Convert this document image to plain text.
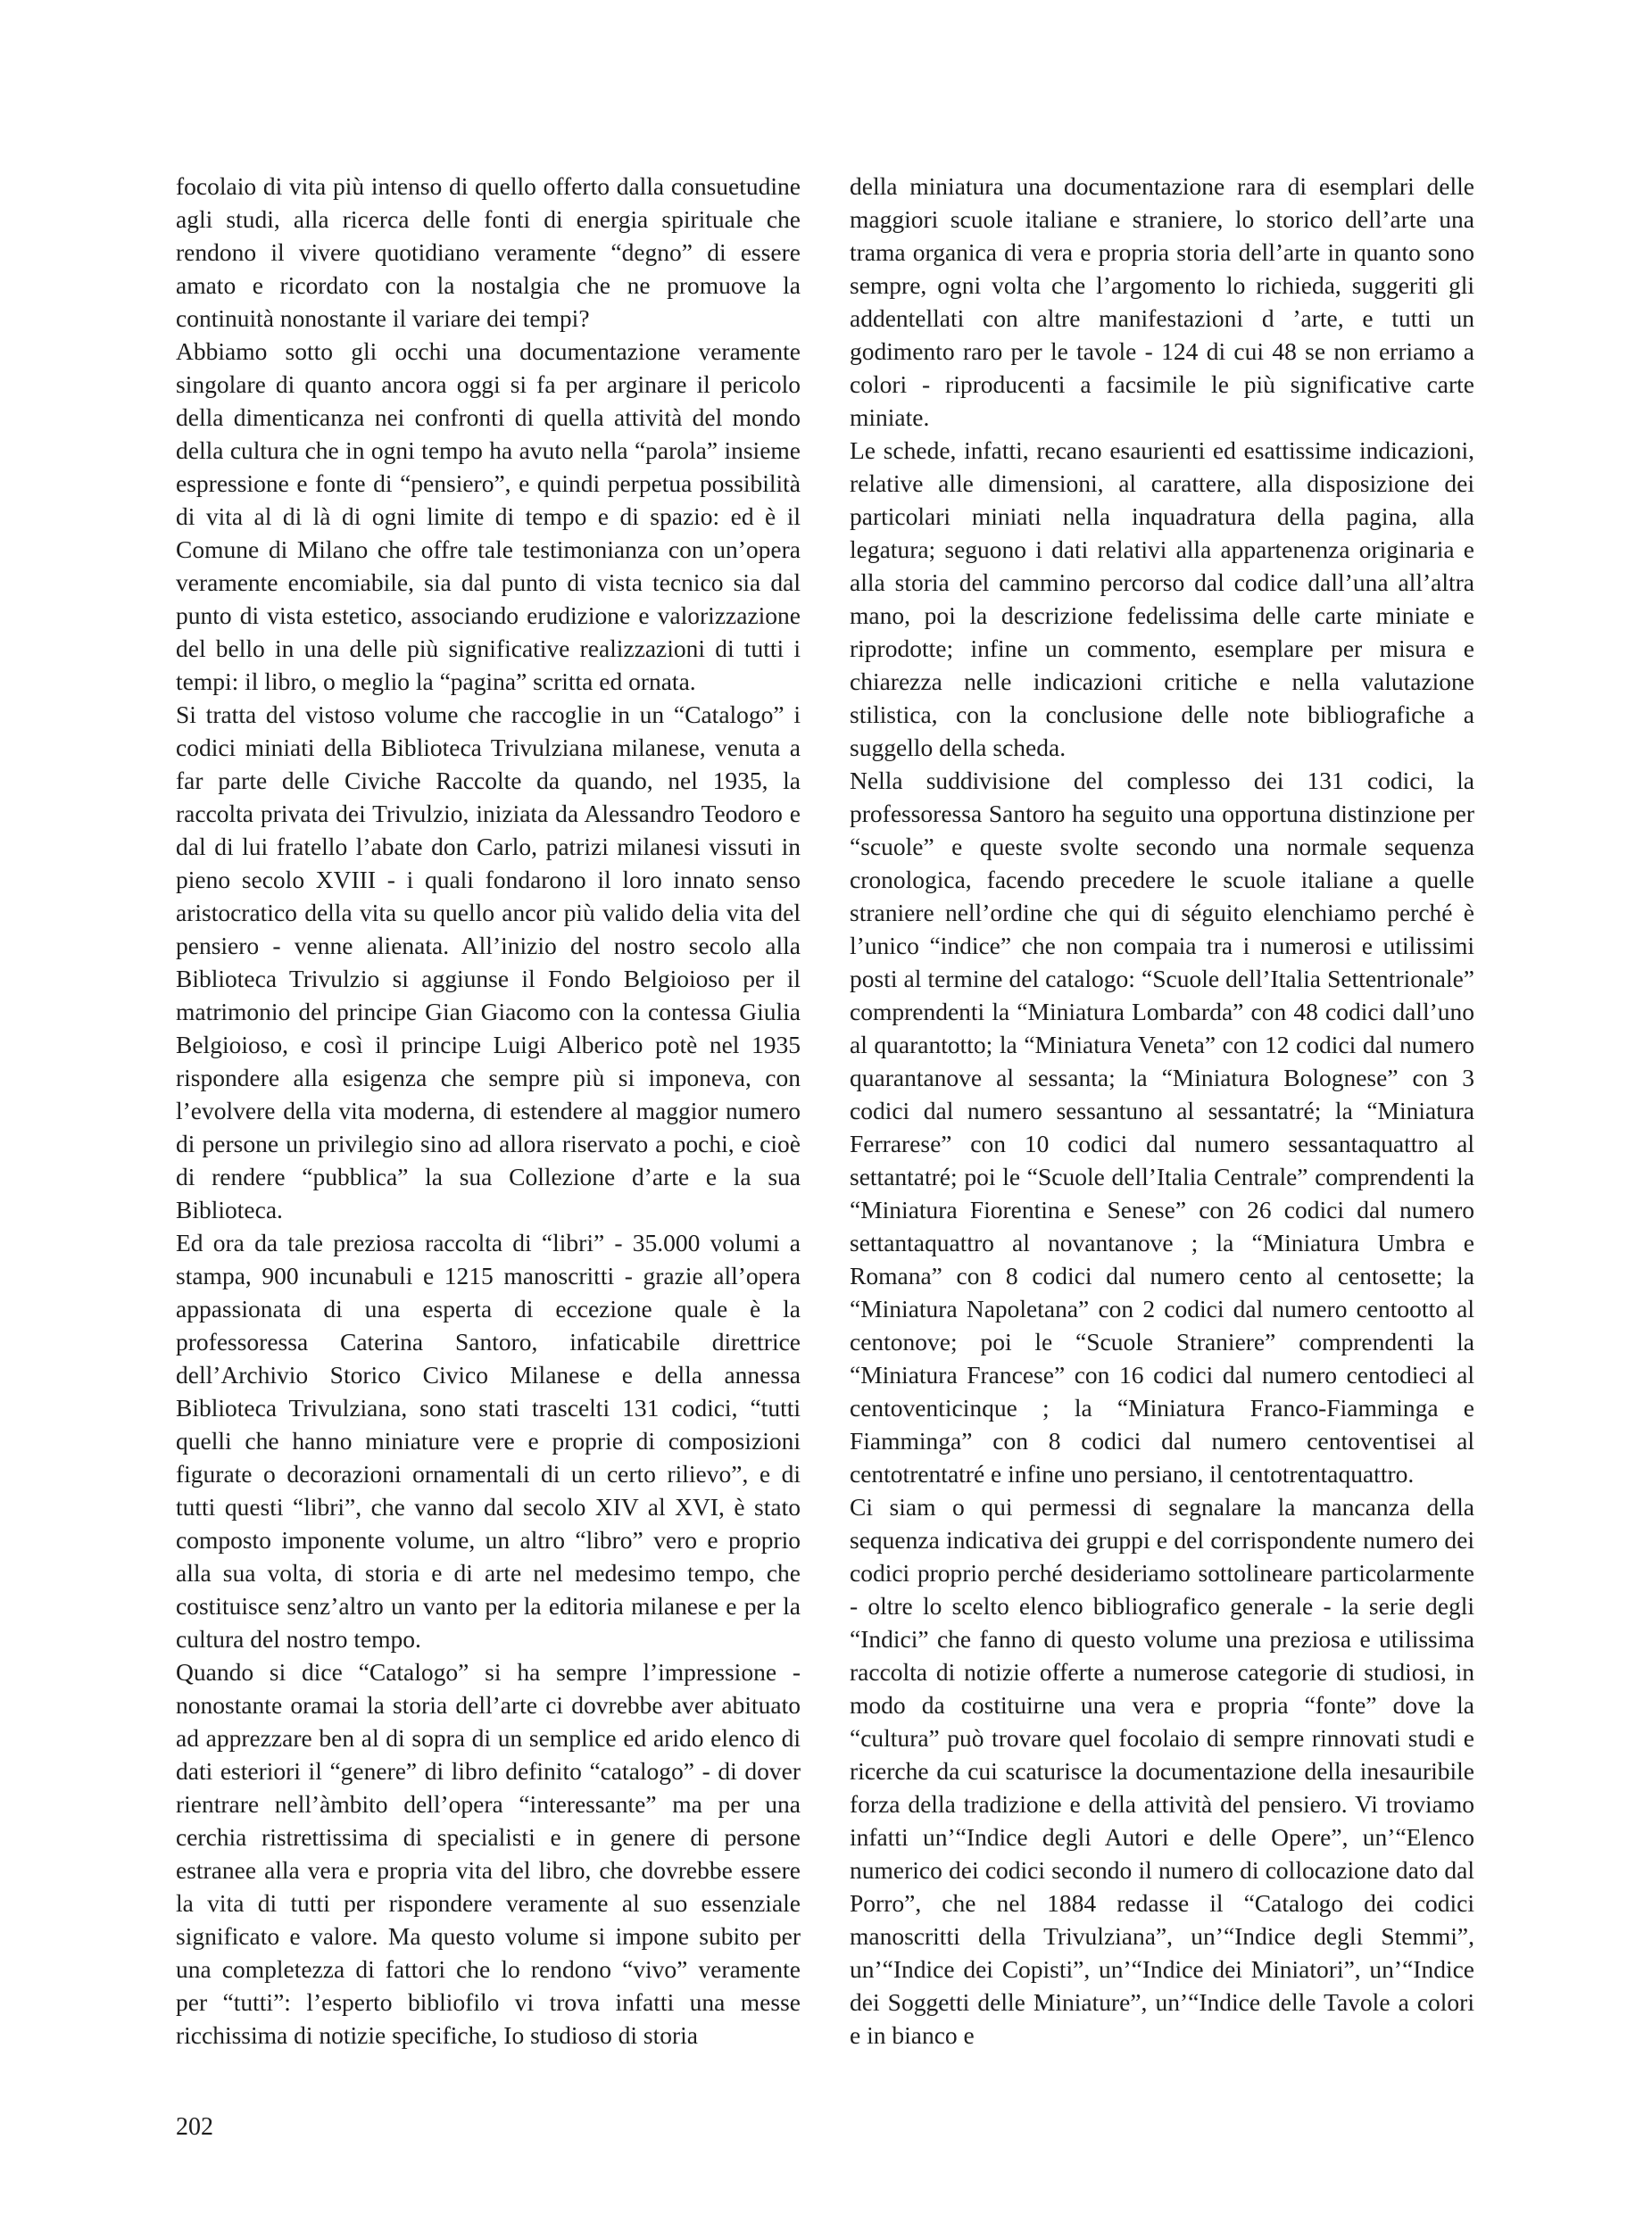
focolaio di vita più intenso di quello offerto dalla consuetudine agli studi, alla ricerca delle fonti di energia spirituale che rendono il vivere quotidiano veramente “degno” di essere amato e ricordato con la nostalgia che ne promuove la continuità nonostante il variare dei tempi?

Abbiamo sotto gli occhi una documentazione veramente singolare di quanto ancora oggi si fa per arginare il pericolo della dimenticanza nei confronti di quella attività del mondo della cultura che in ogni tempo ha avuto nella “parola” insieme espressione e fonte di “pensiero”, e quindi perpetua possibilità di vita al di là di ogni limite di tempo e di spazio: ed è il Comune di Milano che offre tale testimonianza con un’opera veramente encomiabile, sia dal punto di vista tecnico sia dal punto di vista estetico, associando erudizione e valorizzazione del bello in una delle più significative realizzazioni di tutti i tempi: il libro, o meglio la “pagina” scritta ed ornata.

Si tratta del vistoso volume che raccoglie in un “Catalogo” i codici miniati della Biblioteca Trivulziana milanese, venuta a far parte delle Civiche Raccolte da quando, nel 1935, la raccolta privata dei Trivulzio, iniziata da Alessandro Teodoro e dal di lui fratello l’abate don Carlo, patrizi milanesi vissuti in pieno secolo XVIII - i quali fondarono il loro innato senso aristocratico della vita su quello ancor più valido delia vita del pensiero - venne alienata. All’inizio del nostro secolo alla Biblioteca Trivulzio si aggiunse il Fondo Belgioioso per il matrimonio del principe Gian Giacomo con la contessa Giulia Belgioioso, e così il principe Luigi Alberico potè nel 1935 rispondere alla esigenza che sempre più si imponeva, con l’evolvere della vita moderna, di estendere al maggior numero di persone un privilegio sino ad allora riservato a pochi, e cioè di rendere “pubblica” la sua Collezione d’arte e la sua Biblioteca.

Ed ora da tale preziosa raccolta di “libri” - 35.000 volumi a stampa, 900 incunabuli e 1215 manoscritti - grazie all’opera appassionata di una esperta di eccezione quale è la professoressa Caterina Santoro, infaticabile direttrice dell’Archivio Storico Civico Milanese e della annessa Biblioteca Trivulziana, sono stati trascelti 131 codici, “tutti quelli che hanno miniature vere e proprie di composizioni figurate o decorazioni ornamentali di un certo rilievo”, e di tutti questi “libri”, che vanno dal secolo XIV al XVI, è stato composto imponente volume, un altro “libro” vero e proprio alla sua volta, di storia e di arte nel medesimo tempo, che costituisce senz’altro un vanto per la editoria milanese e per la cultura del nostro tempo.

Quando si dice “Catalogo” si ha sempre l’impressione - nonostante oramai la storia dell’arte ci dovrebbe aver abituato ad apprezzare ben al di sopra di un semplice ed arido elenco di dati esteriori il “genere” di libro definito “catalogo” - di dover rientrare nell’àmbito dell’opera “interessante” ma per una cerchia ristrettissima di specialisti e in genere di persone estranee alla vera e propria vita del libro, che dovrebbe essere la vita di tutti per rispondere veramente al suo essenziale significato e valore. Ma questo volume si impone subito per una completezza di fattori che lo rendono “vivo” veramente per “tutti”: l’esperto bibliofilo vi trova infatti una messe ricchissima di notizie specifiche, Io studioso di storia

della miniatura una documentazione rara di esemplari delle maggiori scuole italiane e straniere, lo storico dell’arte una trama organica di vera e propria storia dell’arte in quanto sono sempre, ogni volta che l’argomento lo richieda, suggeriti gli addentellati con altre manifestazioni d ’arte, e tutti un godimento raro per le tavole - 124 di cui 48 se non erriamo a colori - riproducenti a facsimile le più significative carte miniate.

Le schede, infatti, recano esaurienti ed esattissime indicazioni, relative alle dimensioni, al carattere, alla disposizione dei particolari miniati nella inquadratura della pagina, alla legatura; seguono i dati relativi alla appartenenza originaria e alla storia del cammino percorso dal codice dall’una all’altra mano, poi la descrizione fedelissima delle carte miniate e riprodotte; infine un commento, esemplare per misura e chiarezza nelle indicazioni critiche e nella valutazione stilistica, con la conclusione delle note bibliografiche a suggello della scheda.

Nella suddivisione del complesso dei 131 codici, la professoressa Santoro ha seguito una opportuna distinzione per “scuole” e queste svolte secondo una normale sequenza cronologica, facendo precedere le scuole italiane a quelle straniere nell’ordine che qui di séguito elenchiamo perché è l’unico “indice” che non compaia tra i numerosi e utilissimi posti al termine del catalogo: “Scuole dell’Italia Settentrionale” comprendenti la “Miniatura Lombarda” con 48 codici dall’uno al quarantotto; la “Miniatura Veneta” con 12 codici dal numero quarantanove al sessanta; la “Miniatura Bolognese” con 3 codici dal numero sessantuno al sessantatré; la “Miniatura Ferrarese” con 10 codici dal numero sessantaquattro al settantatré; poi le “Scuole dell’Italia Centrale” comprendenti la “Miniatura Fiorentina e Senese” con 26 codici dal numero settantaquattro al novantanove ; la “Miniatura Umbra e Romana” con 8 codici dal numero cento al centosette; la “Miniatura Napoletana” con 2 codici dal numero centootto al centonove; poi le “Scuole Straniere” comprendenti la “Miniatura Francese” con 16 codici dal numero centodieci al centoventicinque ; la “Miniatura Franco-Fiamminga e Fiamminga” con 8 codici dal numero centoventisei al centotrentatré e infine uno persiano, il centotrentaquattro.

Ci siam o qui permessi di segnalare la mancanza della sequenza indicativa dei gruppi e del corrispondente numero dei codici proprio perché desideriamo sottolineare particolarmente - oltre lo scelto elenco bibliografico generale - la serie degli “Indici” che fanno di questo volume una preziosa e utilissima raccolta di notizie offerte a numerose categorie di studiosi, in modo da costituirne una vera e propria “fonte” dove la “cultura” può trovare quel focolaio di sempre rinnovati studi e ricerche da cui scaturisce la documentazione della inesauribile forza della tradizione e della attività del pensiero. Vi troviamo infatti un’“Indice degli Autori e delle Opere”, un’“Elenco numerico dei codici secondo il numero di collocazione dato dal Porro”, che nel 1884 redasse il “Catalogo dei codici manoscritti della Trivulziana”, un’“Indice degli Stemmi”, un’“Indice dei Copisti”, un’“Indice dei Miniatori”, un’“Indice dei Soggetti delle Miniature”, un’“Indice delle Tavole a colori e in bianco e

202
